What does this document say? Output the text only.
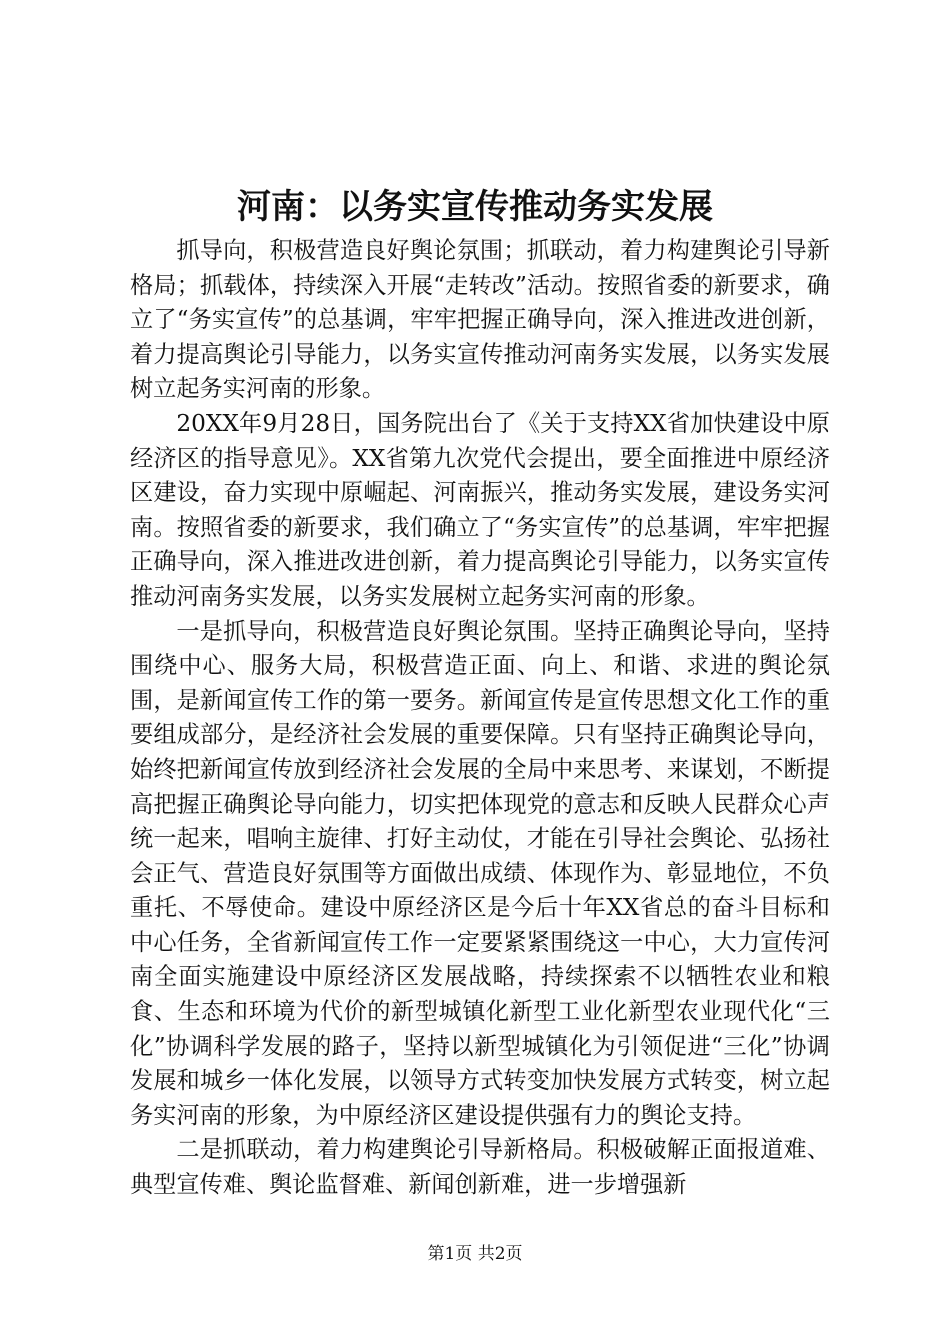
河南：以务实宣传推动务实发展

抓导向，积极营造良好舆论氛围；抓联动，着力构建舆论引导新格局；抓载体，持续深入开展“走转改”活动。按照省委的新要求，确立了“务实宣传”的总基调，牢牢把握正确导向，深入推进改进创新，着力提高舆论引导能力，以务实宣传推动河南务实发展，以务实发展树立起务实河南的形象。

20XX年9月28日，国务院出台了《关于支持XX省加快建设中原经济区的指导意见》。XX省第九次党代会提出，要全面推进中原经济区建设，奋力实现中原崛起、河南振兴，推动务实发展，建设务实河南。按照省委的新要求，我们确立了“务实宣传”的总基调，牢牢把握正确导向，深入推进改进创新，着力提高舆论引导能力，以务实宣传推动河南务实发展，以务实发展树立起务实河南的形象。

一是抓导向，积极营造良好舆论氛围。坚持正确舆论导向，坚持围绕中心、服务大局，积极营造正面、向上、和谐、求进的舆论氛围，是新闻宣传工作的第一要务。新闻宣传是宣传思想文化工作的重要组成部分，是经济社会发展的重要保障。只有坚持正确舆论导向，始终把新闻宣传放到经济社会发展的全局中来思考、来谋划，不断提高把握正确舆论导向能力，切实把体现党的意志和反映人民群众心声统一起来，唱响主旋律、打好主动仗，才能在引导社会舆论、弘扬社会正气、营造良好氛围等方面做出成绩、体现作为、彰显地位，不负重托、不辱使命。建设中原经济区是今后十年XX省总的奋斗目标和中心任务，全省新闻宣传工作一定要紧紧围绕这一中心，大力宣传河南全面实施建设中原经济区发展战略，持续探索不以牺牲农业和粮食、生态和环境为代价的新型城镇化新型工业化新型农业现代化“三化”协调科学发展的路子，坚持以新型城镇化为引领促进“三化”协调发展和城乡一体化发展，以领导方式转变加快发展方式转变，树立起务实河南的形象，为中原经济区建设提供强有力的舆论支持。

二是抓联动，着力构建舆论引导新格局。积极破解正面报道难、典型宣传难、舆论监督难、新闻创新难，进一步增强新

第1页 共2页
